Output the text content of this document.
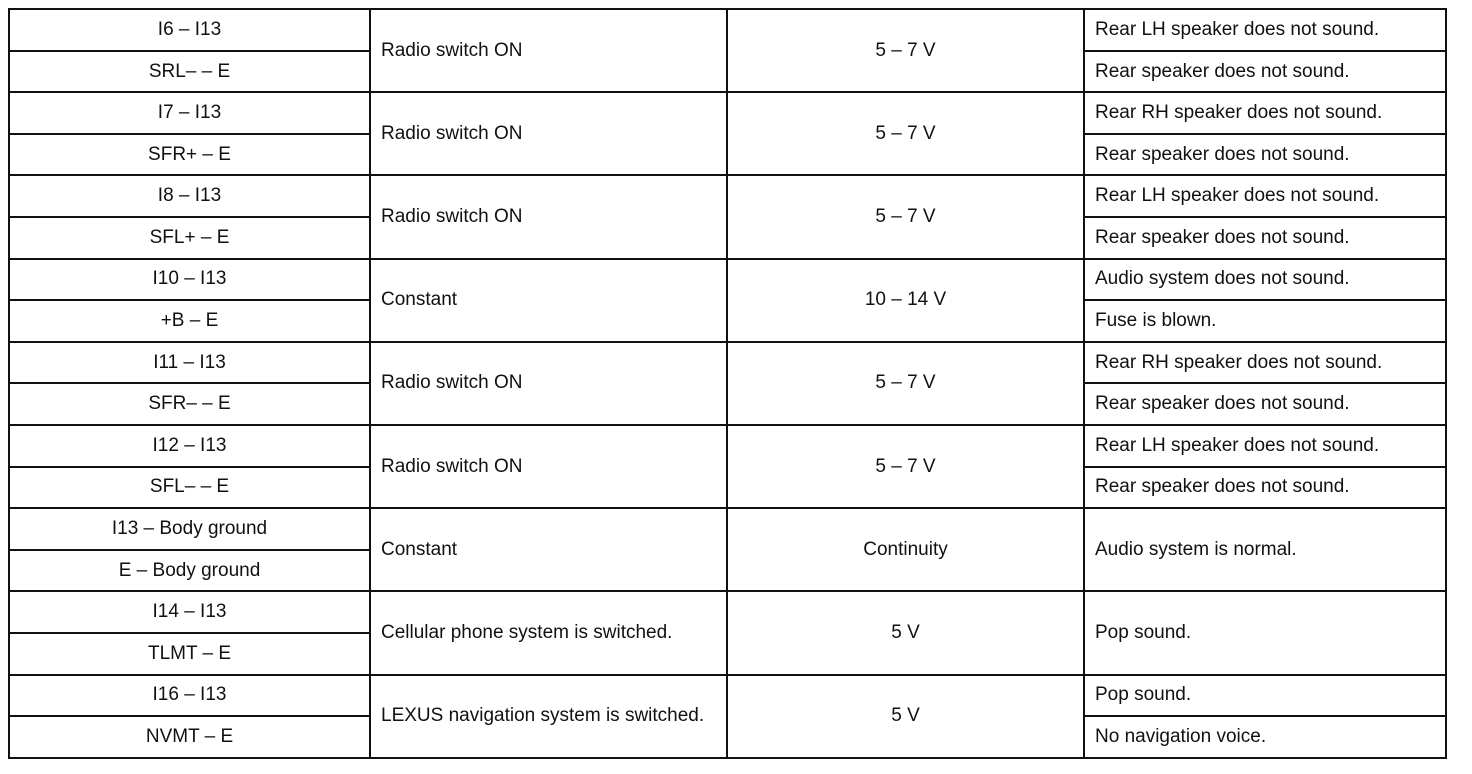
I6 – I13	Radio switch ON	5 – 7 V	Rear LH speaker does not sound.
SRL– – E			Rear speaker does not sound.
I7 – I13	Radio switch ON	5 – 7 V	Rear RH speaker does not sound.
SFR+ – E			Rear speaker does not sound.
I8 – I13	Radio switch ON	5 – 7 V	Rear LH speaker does not sound.
SFL+ – E			Rear speaker does not sound.
I10 – I13	Constant	10 – 14 V	Audio system does not sound.
+B – E			Fuse is blown.
I11 – I13	Radio switch ON	5 – 7 V	Rear RH speaker does not sound.
SFR– – E			Rear speaker does not sound.
I12 – I13	Radio switch ON	5 – 7 V	Rear LH speaker does not sound.
SFL– – E			Rear speaker does not sound.
I13 – Body ground	Constant	Continuity	Audio system is normal.
E – Body ground			
I14 – I13	Cellular phone system is switched.	5 V	Pop sound.
TLMT – E			
I16 – I13	LEXUS navigation system is switched.	5 V	Pop sound.
NVMT – E			No navigation voice.
